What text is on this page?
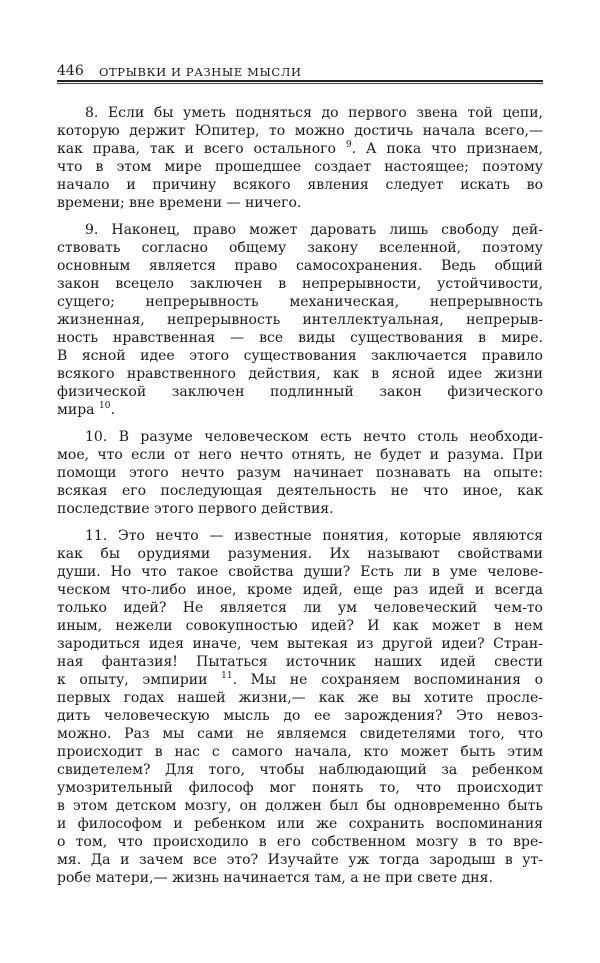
446 ОТРЫВКИ И РАЗНЫЕ МЫСЛИ
8. Если бы уметь подняться до первого звена той цепи,
которую держит Юпитер, то можно достичь начала всего,—
как права, так и всего остального $^9$. А пока что признаем,
что в этом мире прошедшее создает настоящее; поэтому
начало и причину всякого явления следует искать во
времени; вне времени — ничего.
9. Наконец, право может даровать лишь свободу дей-
ствовать согласно общему закону вселенной, поэтому
основным является право самосохранения. Ведь общий
закон всецело заключен в непрерывности, устойчивости,
сущего; непрерывность механическая, непрерывность
жизненная, непрерывность интеллектуальная, непрерыв-
ность нравственная — все виды существования в мире.
В ясной идее этого существования заключается правило
всякого нравственного действия, как в ясной идее жизни
физической заключен подлинный закон физического
мира $^{10}$.
10. В разуме человеческом есть нечто столь необходи-
мое, что если от него нечто отнять, не будет и разума. При
помощи этого нечто разум начинает познавать на опыте:
всякая его последующая деятельность не что иное, как
последствие этого первого действия.
11. Это нечто — известные понятия, которые являются
как бы орудиями разумения. Их называют свойствами
души. Но что такое свойства души? Есть ли в уме челове-
ческом что-либо иное, кроме идей, еще раз идей и всегда
только идей? Не является ли ум человеческий чем-то
иным, нежели совокупностью идей? И как может в нем
зародиться идея иначе, чем вытекая из другой идеи? Стран-
ная фантазия! Пытаться источник наших идей свести
к опыту, эмпирии $^{11}$. Мы не сохраняем воспоминания о
первых годах нашей жизни,— как же вы хотите просле-
дить человеческую мысль до ее зарождения? Это невоз-
можно. Раз мы сами не являемся свидетелями того, что
происходит в нас с самого начала, кто может быть этим
свидетелем? Для того, чтобы наблюдающий за ребенком
умозрительный философ мог понять то, что происходит
в этом детском мозгу, он должен был бы одновременно быть
и философом и ребенком или же сохранить воспоминания
о том, что происходило в его собственном мозгу в то вре-
мя. Да и зачем все это? Изучайте уж тогда зародыш в ут-
робе матери,— жизнь начинается там, а не при свете дня.
